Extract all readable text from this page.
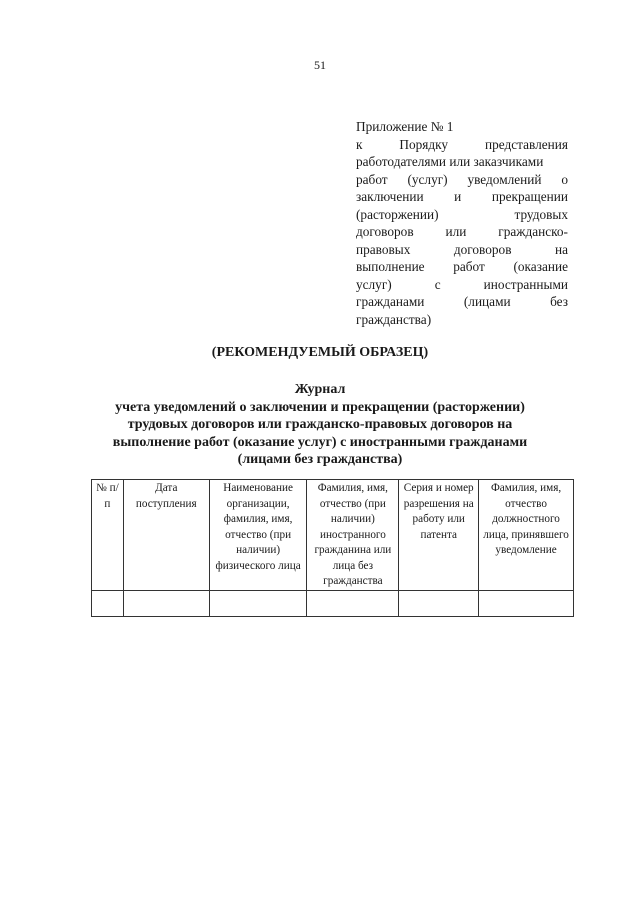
51
Приложение № 1
к Порядку представления
работодателями или заказчиками
работ (услуг) уведомлений о
заключении и прекращении
(расторжении) трудовых
договоров или гражданско-
правовых договоров на
выполнение работ (оказание
услуг) с иностранными
гражданами (лицами без
гражданства)
(РЕКОМЕНДУЕМЫЙ ОБРАЗЕЦ)
Журнал
учета уведомлений о заключении и прекращении (расторжении)
трудовых договоров или гражданско-правовых договоров на
выполнение работ (оказание услуг) с иностранными гражданами
(лицами без гражданства)
№ п/п	Дата поступления	Наименование организации, фамилия, имя, отчество (при наличии) физического лица	Фамилия, имя, отчество (при наличии) иностранного гражданина или лица без гражданства	Серия и номер разрешения на работу или патента	Фамилия, имя, отчество должностного лица, принявшего уведомление
